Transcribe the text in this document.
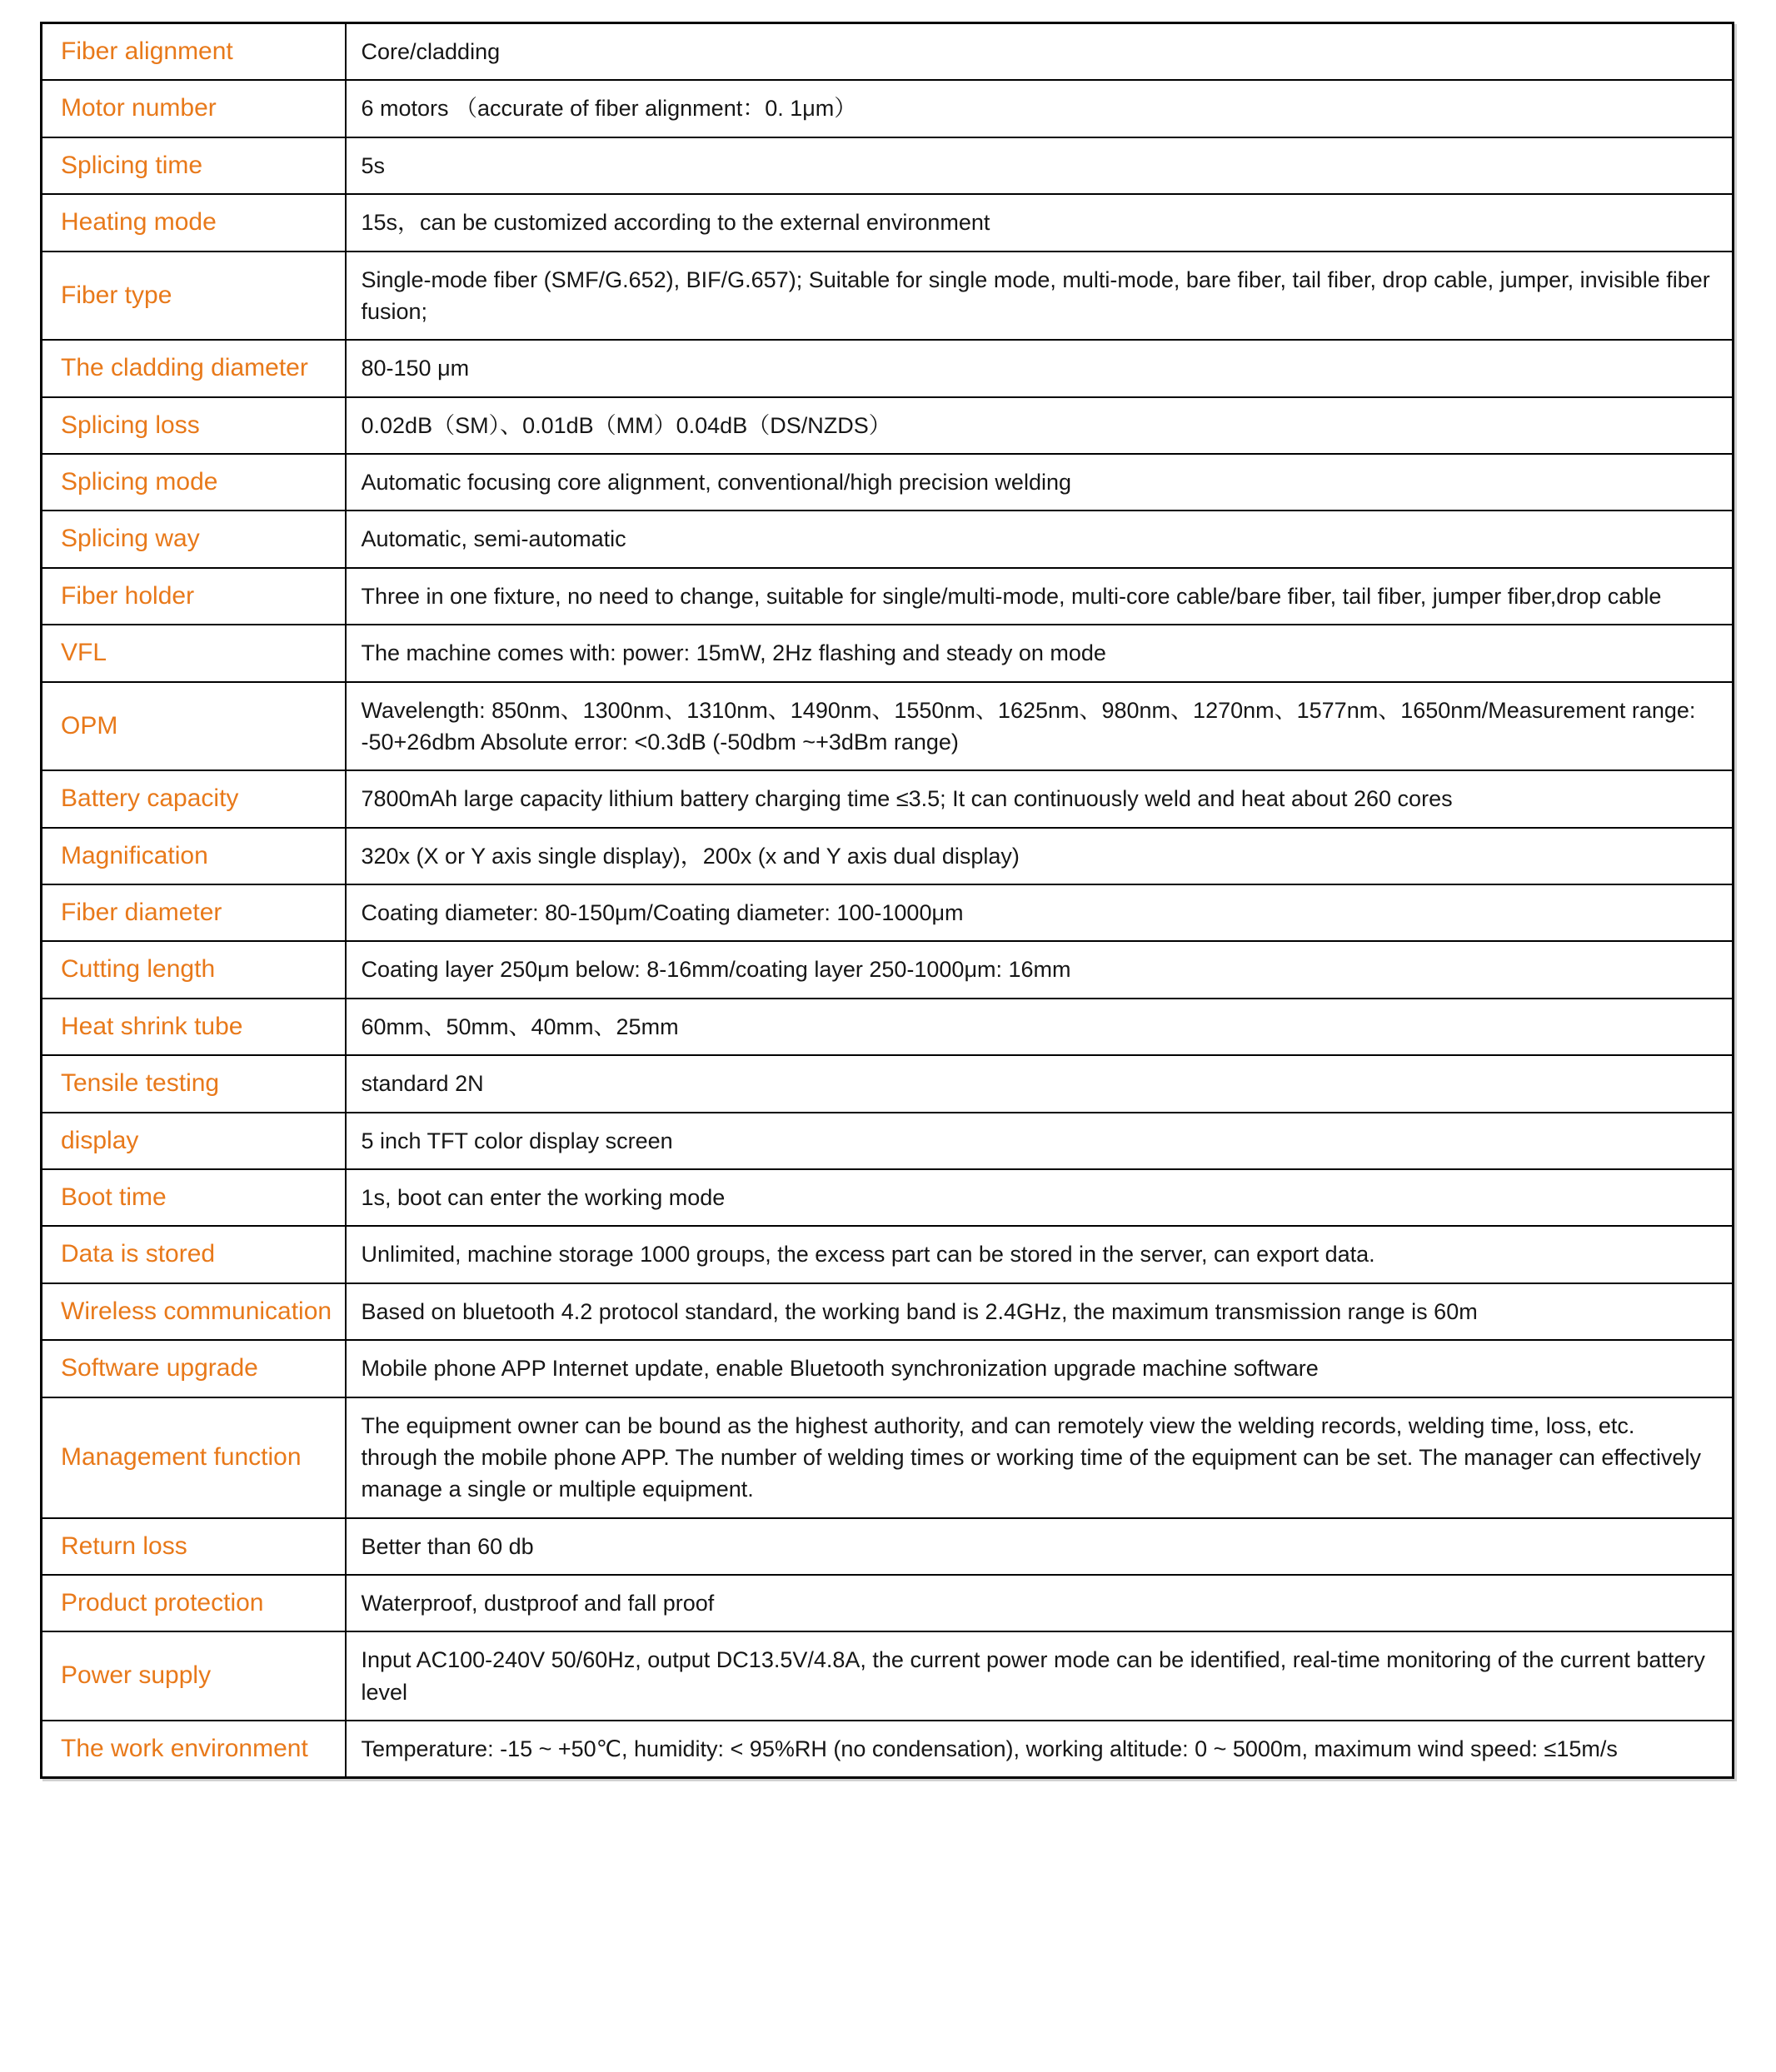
Fiber alignment	Core/cladding

Motor number	6 motors （accurate of fiber alignment：0. 1μm）

Splicing time	5s

Heating mode	15s，can be customized according to the external environment

Fiber type	Single-mode fiber (SMF/G.652), BIF/G.657); Suitable for single mode, multi-mode, bare fiber, tail fiber, drop cable, jumper, invisible fiber fusion;

The cladding diameter	80-150 μm

Splicing loss	0.02dB（SM）、0.01dB（MM）0.04dB（DS/NZDS）

Splicing mode	Automatic focusing core alignment, conventional/high precision welding

Splicing way	Automatic, semi-automatic

Fiber holder	Three in one fixture, no need to change, suitable for single/multi-mode, multi-core cable/bare fiber, tail fiber, jumper fiber,drop cable

VFL	The machine comes with: power: 15mW, 2Hz flashing and steady on mode

OPM	Wavelength: 850nm、1300nm、1310nm、1490nm、1550nm、1625nm、980nm、1270nm、1577nm、1650nm/Measurement range: -50+26dbm Absolute error: <0.3dB (-50dbm ~+3dBm range)

Battery capacity	7800mAh large capacity lithium battery charging time ≤3.5; It can continuously weld and heat about 260 cores

Magnification	320x (X or Y axis single display)，200x (x and Y axis dual display)

Fiber diameter	Coating diameter: 80-150μm/Coating diameter: 100-1000μm

Cutting length	Coating layer 250μm below: 8-16mm/coating layer 250-1000μm: 16mm

Heat shrink tube	60mm、50mm、40mm、25mm

Tensile testing	standard 2N

display	5 inch TFT color display screen

Boot time	1s, boot can enter the working mode

Data is stored	Unlimited, machine storage 1000 groups, the excess part can be stored in the server, can export data.

Wireless communication	Based on bluetooth 4.2 protocol standard, the working band is 2.4GHz, the maximum transmission range is 60m

Software upgrade	Mobile phone APP Internet update, enable Bluetooth synchronization upgrade machine software

Management function	The equipment owner can be bound as the highest authority, and can remotely view the welding records, welding time, loss, etc. through the mobile phone APP. The number of welding times or working time of the equipment can be set. The manager can effectively manage a single or multiple equipment.

Return loss	Better than 60 db

Product protection	Waterproof, dustproof and fall proof

Power supply	Input AC100-240V 50/60Hz, output DC13.5V/4.8A, the current power mode can be identified, real-time monitoring of the current battery level

The work environment	Temperature: -15 ~ +50℃, humidity: < 95%RH (no condensation), working altitude: 0 ~ 5000m, maximum wind speed: ≤15m/s
